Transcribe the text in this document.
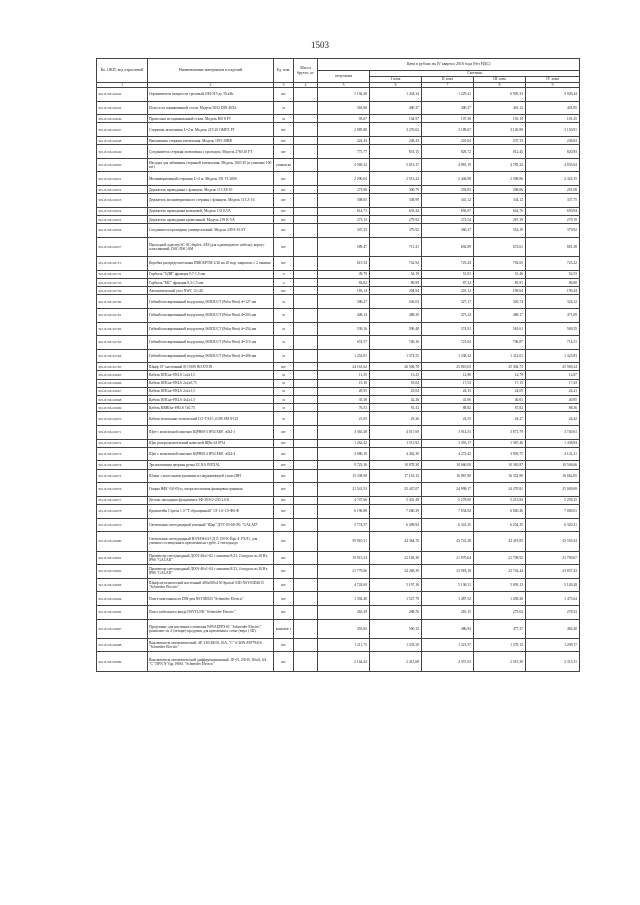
1503
Ко. ОКП, код отраслевой	Наименование материалов и изделий	Ед. изм.	Масса брутто, кг	Цена в рублях на IV квартал 2016 года (без НДС)				
				отпускная	Сметная			
					I зона	II зона	III зона	IV зона
1	2	3	4	5	6	7	8	9
301-8156-02642	Ограничитель мощности грозовый OM-319 до 30 кВт	шт		1 192,40	1 434,34	1 229,41	6 995,33	3 949,44
301-8156-02643	Полоса из оцинкованной стали. Модель 5052 DIN 40Х4	м		363,96	400,37	400,37	401,12	401,85
301-8156-02646	Проволока из оцинкованной стали. Модель RD 8 FT	м		95,67	104,97	107,30	101,19	101,25
301-8156-02647	Стержень заземления L=2 м. Модель 219 20 OMFX FT	шт		2 985,88	3 276,02	3 189,67	3 126,99	3 150,91
301-8156-02648	Наконечник стержня заземления. Модель 1819 20BR	шт		224,43	248,43	241,04	237,13	236,63
301-8156-02649	Соединитель стержня заземления с проводом. Модель 2760 20 FT	шт		775,77	851,15	828,72	812,45	820,93
301-8156-02650	Насадка для забивания стержней заземления. Модель 1820 20 (в упаковке 100 шт)	упаков ка		4 569,32	5 013,37	4 881,19	4 785,24	4 835,64
301-8156-02651	Молниеприемный стержень L=2 м. Модель 101 VL2000	шт		2 290,64	2 513,22	2 446,98	2 398,86	2 424,15
301-8156-02652	Держатель проводника с фланцем. Модель 113 Z8-10	шт		273,96	300,79	292,83	288,06	291,08
301-8156-02653	Держатель молниеприемного стержня с фланцем. Модель 113 Z-16	шт		308,05	338,99	341,12	334,12	337,75
301-8156-02654	Держатель проводника кольцевой. Модель 132 KVA	шт		614,71	633,44	656,67	642,76	650,94
301-8156-02655	Держатель проводника кровельный. Модель 139 K-VA	шт		273,13	279,92	272,54	267,19	279,19
301-8156-02656	Соединитель проводник универсальный. Модель 249 8-16 ST	шт		347,25	379,92	360,27	352,19	379,92
301-8156-02657	Проходной адаптер SC-SC duplex, SM (для одномодового кабеля), корпус пластиковый, DSC-DSC-SM	шт		589,47	711,41	692,89	672,61	681,38
301-8156-02715	Коробка распределительная ПВК КРТМ-2/20 на 20 пар, закрытая, с 2 окнами	шт		615,54	742,94	723,44	702,65	723,22
301-8156-02731	Горбыль "ОДИ" фракция 0,7-1,5 мм	л		49,79	54,19	51,81	51,46	52,53
301-8156-02733	Горбыль "МС" фракция 0,3-1,5 мм	л		82,82	89,99	87,32	85,91	86,80
301-8156-02759	Автоматический узел NWC 12×40	шт		183,14	204,94	201,12	199,64	199,44
301-8156-02760	Гибкий изолированный воздуховод ISODUCT (Polar Bear) d=127 мм	м		306,27	336,03	327,17	320,74	324,12
301-8156-02761	Гибкий изолированный воздуховод ISODUCT (Polar Bear) d=203 мм	м		448,14	488,29	473,32	468,17	471,09
301-8156-02762	Гибкий изолированный воздуховод ISODUCT (Polar Bear) d=254 мм	м		538,16	590,48	574,91	563,61	569,55
301-8156-02763	Гибкий изолированный воздуховод ISODUCT (Polar Bear) d=315 мм	м		674,57	740,16	721,04	706,87	714,31
301-8156-02764	Гибкий изолированный воздуховод ISODUCT (Polar Bear) d=406 мм	м		1 252,81	1 374,55	1 338,32	1 312,01	1 325,83
301-8156-02765	Шкаф 19" настенный R-15SW ROXTON	шт		24 161,62	26 506,78	25 810,03	25 302,73	25 569,24
301-8156-02665	Кабель КПСнг-FRLS 1х2х1,5	м		11,35	13,23	12,98	12,79	12,87
301-8156-02666	Кабель КПСнг-FRLS 2х2х0,75	м		15,10	18,04	17,53	17,15	17,43
301-8156-02667	Кабель КПСнг-FRLS 2х2х1,5	м		20,95	25,04	24,33	24,05	24,21
301-8156-02668	Кабель КПСнг-FRLS 4х2х1,5	м		35,38	42,26	41,06	40,61	40,85
301-8156-02669	Кабель КВВГнг-FRLS 7х0,75	м		76,53	91,41	88,82	87,82	88,36
301-8156-02670	Кабель волоконно-оптический СО-ТЭ4-1,4 ОВ SM 9/125	м		21,05	25,26	24,55	24,27	24,42
301-8156-02671	Щит с монтажной панелью ЩРНМ-3 IP54 ЕКF. л024-1	шт		3 365,48	4 017,69	3 914,53	3 871,79	3 740,61
301-8156-02672	Щит распределительный навесной ЩРн-24 IP54	шт		1 262,42	1 511,92	1 455,17	1 367,46	1 438,84
301-8156-02673	Щит с монтажной панелью ЩРНМ-4 IP54 ЕКF. л024-4	шт		3 686,19	4 402,39	4 272,42	3 903,75	4 141,21
301-8156-02674	Эргономичная дверная ручка ULNA INITIAL	шт		9 723,16	10 878,30	10 660,00	10 365,87	10 546,66
301-8156-02675	Шланг с насосными рукавами из нержавеющей стали ШН	шт		15 338,98	17 161,33	16 867,80	16 352,90	16 662,05
301-8156-02676	Опоры НФГ-0,0-05-ц, опора несиловая фланцевая граненая	шт		21 541,53	25 447,07	24 998,17	24 270,81	25 049,69
301-8156-02677	Детали закладные фундамента ЗФ-20/6/2-230 2,0-Б	шт		4 747,66	5 431,49	5 278,00	5 215,84	5 259,25
301-8156-02678	Кронштейн Стрела 1 4-"Т обращенный" 1Л-1,0-1,0-Ф6-Ф	шт		6 196,88	7 260,39	7 034,84	6 820,46	7 000,61
301-8156-02679	Светильник светодиодный уличный "Шар" ДТУ-05-60-Л0, "GALAD"	шт		5 774,57	6 499,94	6 341,35	6 254,35	6 320,31
301-8156-02680	Светильник светодиодный ВЭЛАН-02-СД Л 150-К-Ёфо 4-УХЛ1, для уличного освещения и крепления на трубе, 2 светодиода	шт		39 810,51	44 364,76	43 741,28	43 419,83	43 559,34
301-8156-02681	Прожектор светодиодный ДО01-40х1-02 с линзами 8/23, 2 модуля по 20 Вт, IP66 "GALAD"	шт		19 915,23	22 182,38	21 870,64	21 709,92	21 799,67
301-8156-02682	Прожектор светодиодный ДО01-40х1-04 с линзами 8/23, 4 модуля по 20 Вт, IP66 "GALAD"	шт		21 779,66	24 268,39	23 918,10	23 742,44	23 837,43
301-8156-02683	Шкаф металлический настенный 400х500х150 Spacial S3D NSYS3D4015 "Schneider Electric"	шт		4 724,69	5 197,16	5 136,51	5 093,13	5 149,28
301-8156-02684	Плата монтажная из DIN-рея NSYMD43 "Schneider Electric"	шт		1 392,48	1 527,79	1 487,52	1 458,28	1 473,64
301-8156-02685	Пласт кабельного ввода NSYTLNK "Schneider Electric"	шт		263,29	288,76	281,15	275,63	278,53
301-8156-02687	Продувные для настенного монтажа NSYAEFPXSC "Schneider Electric" (комплект из 4 (четыре) продувки для крепления к стене (вера ) 3D)	комплек т		455,83	500,12	486,94	477,37	482,40
301-8156-02688	Выключатель автоматический, 4Р, 230/400 В, 16А, "C" iC60N A9F79416 "Schneider Electric"	шт		1 211,75	1 333,50	1 321,37	1 279,12	1 299,17
301-8156-02689	Выключатель автоматический дифференциальный, 1P+N, 230 В, 30мА, 6А, "С" DPN N Vigi 19661 "Schneider Electric"	шт		2 164,42	2 415,68	2 357,03	2 315,38	2 315,31
